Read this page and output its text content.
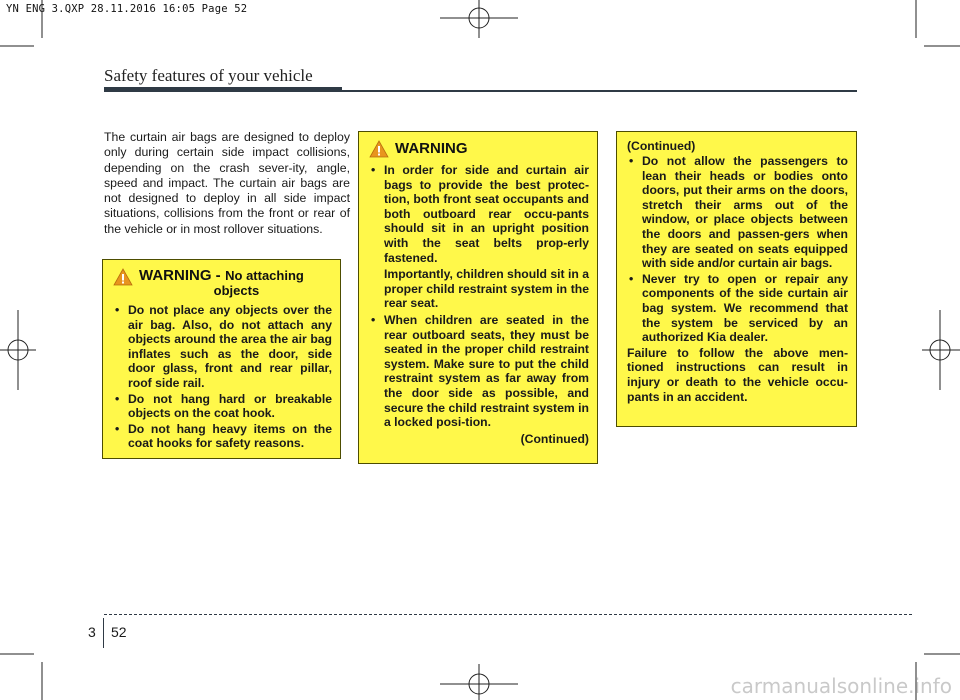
YN ENG 3.QXP 28.11.2016 16:05 Page 52
Safety features of your vehicle
The curtain air bags are designed to deploy only during certain side impact collisions, depending on the crash sever-ity, angle, speed and impact. The curtain air bags are not designed to deploy in all side impact situations, collisions from the front or rear of the vehicle or in most rollover situations.
WARNING - No attaching
objects
• Do not place any objects over the air bag. Also, do not attach any objects around the area the air bag inflates such as the door, side door glass, front and rear pillar, roof side rail.
• Do not hang hard or breakable objects on the coat hook.
• Do not hang heavy items on the coat hooks for safety reasons.
WARNING
• In order for side and curtain air bags to provide the best protec-tion, both front seat occupants and both outboard rear occu-pants should sit in an upright position with the seat belts prop-erly fastened.
Importantly, children should sit in a proper child restraint system in the rear seat.
• When children are seated in the rear outboard seats, they must be seated in the proper child restraint system. Make sure to put the child restraint system as far away from the door side as possible, and secure the child restraint system in a locked posi-tion.
(Continued)
(Continued)
• Do not allow the passengers to lean their heads or bodies onto doors, put their arms on the doors, stretch their arms out of the window, or place objects between the doors and passen-gers when they are seated on seats equipped with side and/or curtain air bags.
• Never try to open or repair any components of the side curtain air bag system. We recommend that the system be serviced by an authorized Kia dealer.
Failure to follow the above men-tioned instructions can result in injury or death to the vehicle occu-pants in an accident.
3 52
carmanualsonline.info
